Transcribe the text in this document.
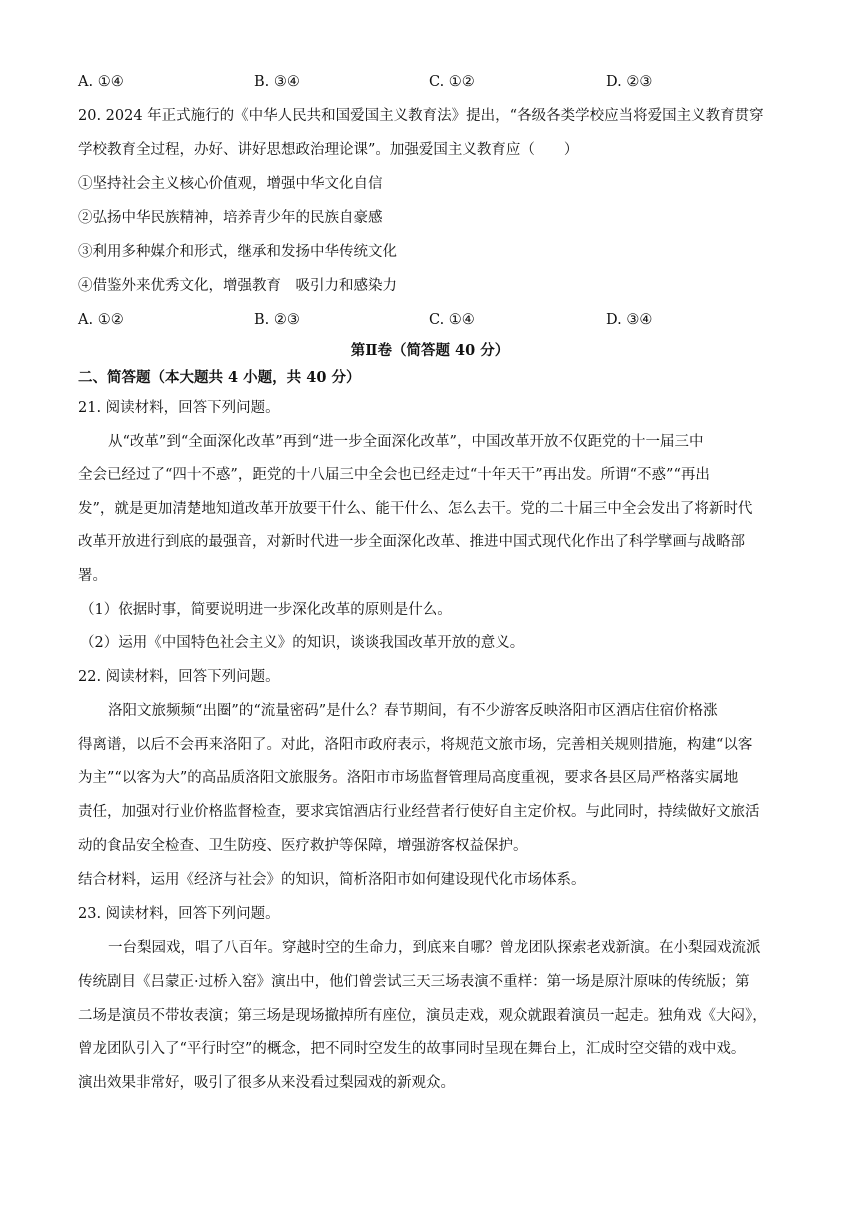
A. ①④	B. ③④	C. ①②	D. ②③
20. 2024 年正式施行的《中华人民共和国爱国主义教育法》提出，“各级各类学校应当将爱国主义教育贯穿
学校教育全过程，办好、讲好思想政治理论课”。加强爱国主义教育应（　　）
①坚持社会主义核心价值观，增强中华文化自信
②弘扬中华民族精神，培养青少年的民族自豪感
③利用多种媒介和形式，继承和发扬中华传统文化
④借鉴外来优秀文化，增强教育　吸引力和感染力
A. ①②	B. ②③	C. ①④	D. ③④
第Ⅱ卷（简答题 40 分）
二、简答题（本大题共 4 小题，共 40 分）
21. 阅读材料，回答下列问题。
从“改革”到“全面深化改革”再到“进一步全面深化改革”，中国改革开放不仅距党的十一届三中
全会已经过了“四十不惑”，距党的十八届三中全会也已经走过“十年天干”再出发。所谓“不惑”“再出
发”，就是更加清楚地知道改革开放要干什么、能干什么、怎么去干。党的二十届三中全会发出了将新时代
改革开放进行到底的最强音，对新时代进一步全面深化改革、推进中国式现代化作出了科学擘画与战略部
署。
（1）依据时事，简要说明进一步深化改革的原则是什么。
（2）运用《中国特色社会主义》的知识，谈谈我国改革开放的意义。
22. 阅读材料，回答下列问题。
洛阳文旅频频“出圈”的“流量密码”是什么？春节期间，有不少游客反映洛阳市区酒店住宿价格涨
得离谱，以后不会再来洛阳了。对此，洛阳市政府表示，将规范文旅市场，完善相关规则措施，构建“以客
为主”“以客为大”的高品质洛阳文旅服务。洛阳市市场监督管理局高度重视，要求各县区局严格落实属地
责任，加强对行业价格监督检查，要求宾馆酒店行业经营者行使好自主定价权。与此同时，持续做好文旅活
动的食品安全检查、卫生防疫、医疗救护等保障，增强游客权益保护。
结合材料，运用《经济与社会》的知识，简析洛阳市如何建设现代化市场体系。
23. 阅读材料，回答下列问题。
一台梨园戏，唱了八百年。穿越时空的生命力，到底来自哪？曾龙团队探索老戏新演。在小梨园戏流派
传统剧目《吕蒙正·过桥入窑》演出中，他们曾尝试三天三场表演不重样：第一场是原汁原味的传统版；第
二场是演员不带妆表演；第三场是现场撤掉所有座位，演员走戏，观众就跟着演员一起走。独角戏《大闷》，
曾龙团队引入了“平行时空”的概念，把不同时空发生的故事同时呈现在舞台上，汇成时空交错的戏中戏。
演出效果非常好，吸引了很多从来没看过梨园戏的新观众。
